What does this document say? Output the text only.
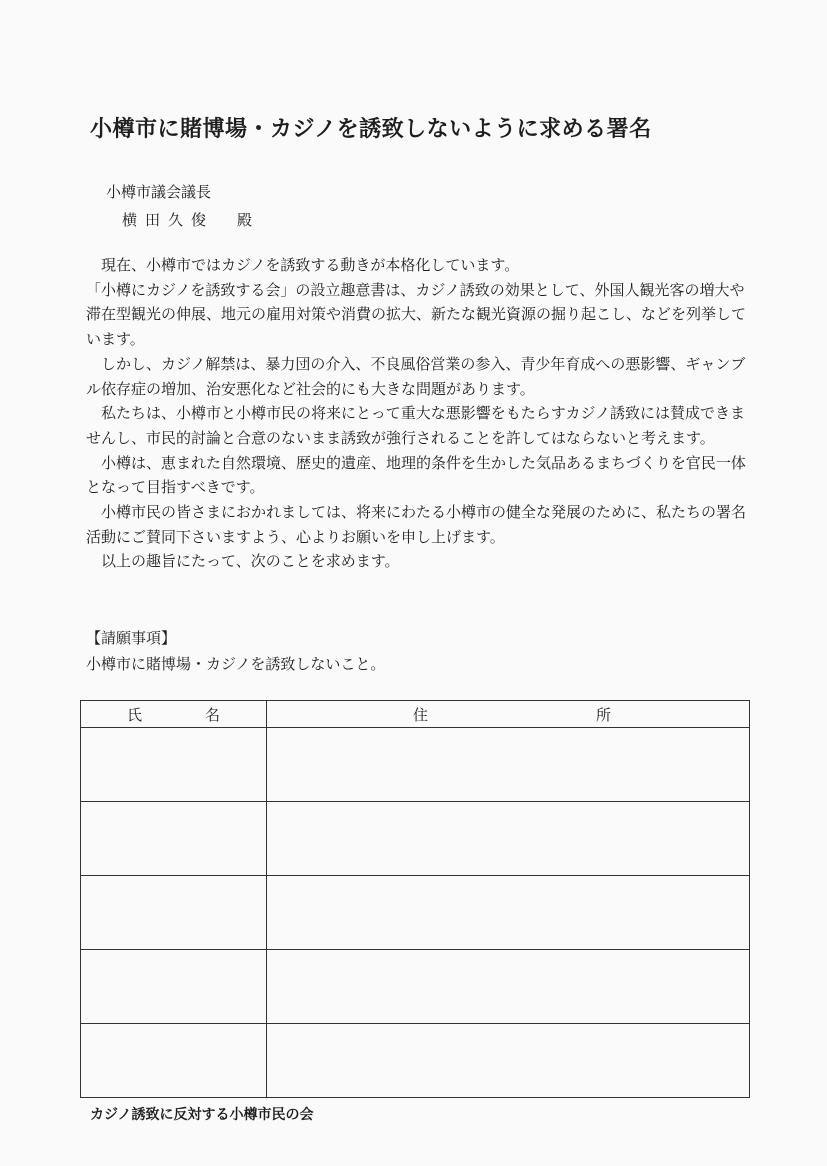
小樽市に賭博場・カジノを誘致しないように求める署名
小樽市議会議長
横田久俊　殿

現在、小樽市ではカジノを誘致する動きが本格化しています。

「小樽にカジノを誘致する会」の設立趣意書は、カジノ誘致の効果として、外国人観光客の増大や滞在型観光の伸展、地元の雇用対策や消費の拡大、新たな観光資源の掘り起こし、などを列挙しています。

しかし、カジノ解禁は、暴力団の介入、不良風俗営業の参入、青少年育成への悪影響、ギャンブル依存症の増加、治安悪化など社会的にも大きな問題があります。

私たちは、小樽市と小樽市民の将来にとって重大な悪影響をもたらすカジノ誘致には賛成できませんし、市民的討論と合意のないまま誘致が強行されることを許してはならないと考えます。

小樽は、恵まれた自然環境、歴史的遺産、地理的条件を生かした気品あるまちづくりを官民一体となって目指すべきです。

小樽市民の皆さまにおかれましては、将来にわたる小樽市の健全な発展のために、私たちの署名活動にご賛同下さいますよう、心よりお願いを申し上げます。

以上の趣旨にたって、次のことを求めます。

【請願事項】
小樽市に賭博場・カジノを誘致しないこと。
氏 名	住 所

カジノ誘致に反対する小樽市民の会
